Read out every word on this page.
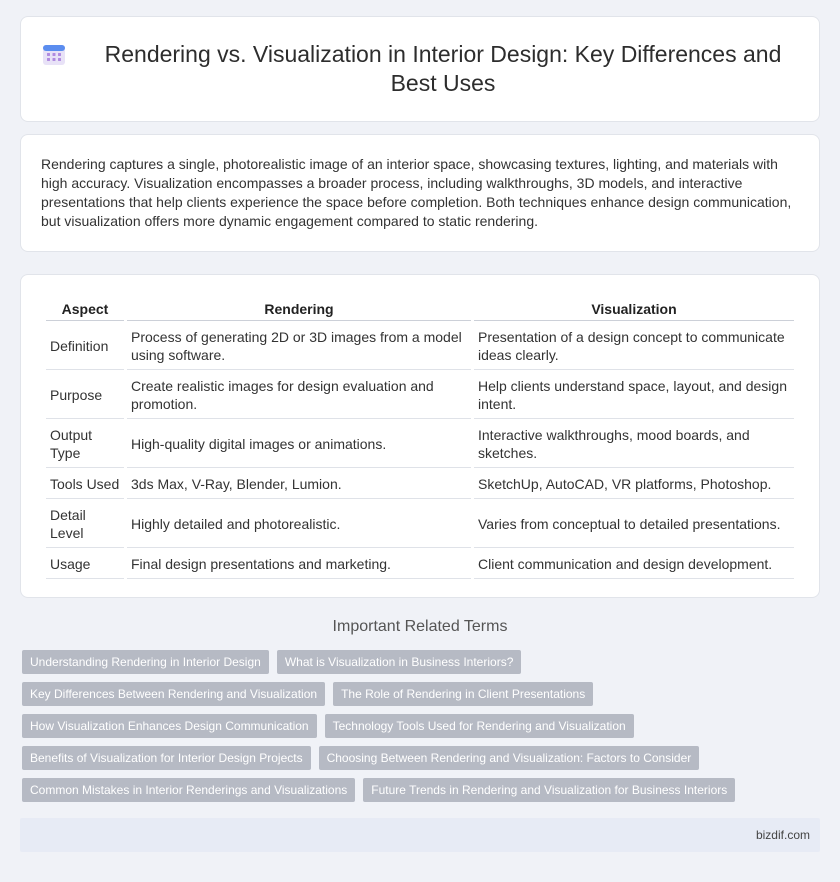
Rendering vs. Visualization in Interior Design: Key Differences and Best Uses

Rendering captures a single, photorealistic image of an interior space, showcasing textures, lighting, and materials with high accuracy. Visualization encompasses a broader process, including walkthroughs, 3D models, and interactive presentations that help clients experience the space before completion. Both techniques enhance design communication, but visualization offers more dynamic engagement compared to static rendering.

Aspect	Rendering	Visualization
Definition	Process of generating 2D or 3D images from a model using software.	Presentation of a design concept to communicate ideas clearly.
Purpose	Create realistic images for design evaluation and promotion.	Help clients understand space, layout, and design intent.
Output Type	High-quality digital images or animations.	Interactive walkthroughs, mood boards, and sketches.
Tools Used	3ds Max, V-Ray, Blender, Lumion.	SketchUp, AutoCAD, VR platforms, Photoshop.
Detail Level	Highly detailed and photorealistic.	Varies from conceptual to detailed presentations.
Usage	Final design presentations and marketing.	Client communication and design development.
Important Related Terms
Understanding Rendering in Interior Design	What is Visualization in Business Interiors?
Key Differences Between Rendering and Visualization	The Role of Rendering in Client Presentations
How Visualization Enhances Design Communication	Technology Tools Used for Rendering and Visualization
Benefits of Visualization for Interior Design Projects	Choosing Between Rendering and Visualization: Factors to Consider
Common Mistakes in Interior Renderings and Visualizations	Future Trends in Rendering and Visualization for Business Interiors
bizdif.com
